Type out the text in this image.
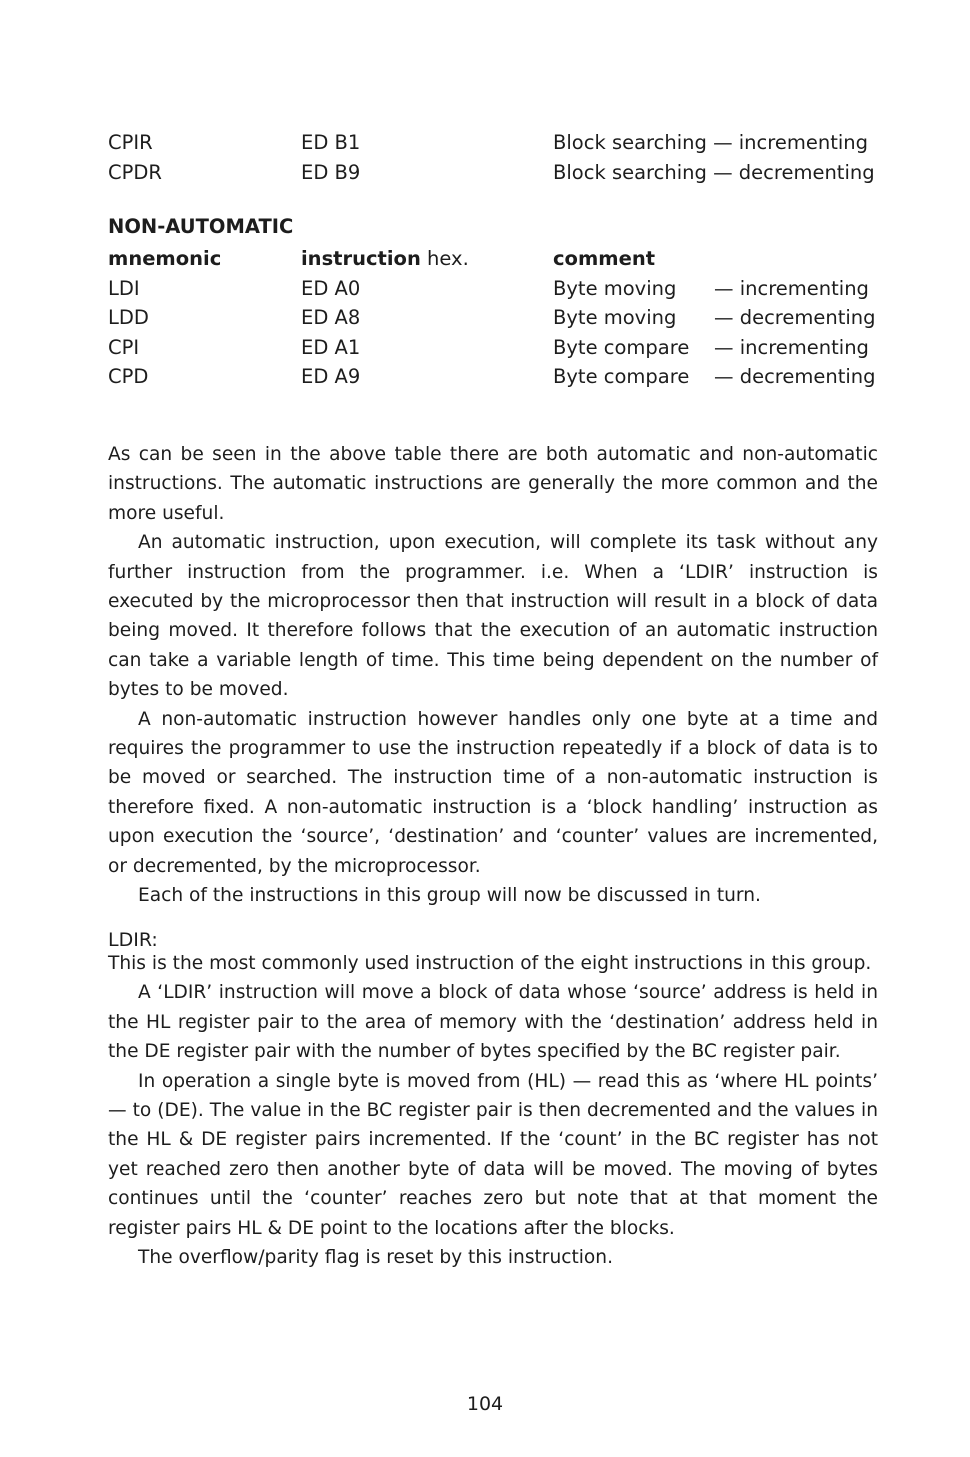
CPIR	ED B1	Block searching — incrementing
CPDR	ED B9	Block searching — decrementing
NON-AUTOMATIC
mnemonic	instruction hex.	comment
LDI	ED A0	Byte moving — incrementing
LDD	ED A8	Byte moving — decrementing
CPI	ED A1	Byte compare — incrementing
CPD	ED A9	Byte compare — decrementing

As can be seen in the above table there are both automatic and non-automatic instructions. The automatic instructions are generally the more common and the more useful.

An automatic instruction, upon execution, will complete its task without any further instruction from the programmer. i.e. When a ‘LDIR’ instruction is executed by the microprocessor then that instruction will result in a block of data being moved. It therefore follows that the execution of an automatic instruction can take a variable length of time. This time being dependent on the number of bytes to be moved.

A non-automatic instruction however handles only one byte at a time and requires the programmer to use the instruction repeatedly if a block of data is to be moved or searched. The instruction time of a non-automatic instruction is therefore fixed. A non-automatic instruction is a ‘block handling’ instruction as upon execution the ‘source’, ‘destination’ and ‘counter’ values are incremented, or decremented, by the microprocessor.

Each of the instructions in this group will now be discussed in turn.

LDIR:

This is the most commonly used instruction of the eight instructions in this group.

A ‘LDIR’ instruction will move a block of data whose ‘source’ address is held in the HL register pair to the area of memory with the ‘destination’ address held in the DE register pair with the number of bytes specified by the BC register pair.

In operation a single byte is moved from (HL) — read this as ‘where HL points’ — to (DE). The value in the BC register pair is then decremented and the values in the HL & DE register pairs incremented. If the ‘count’ in the BC register has not yet reached zero then another byte of data will be moved. The moving of bytes continues until the ‘counter’ reaches zero but note that at that moment the register pairs HL & DE point to the locations after the blocks.

The overflow/parity flag is reset by this instruction.

104
